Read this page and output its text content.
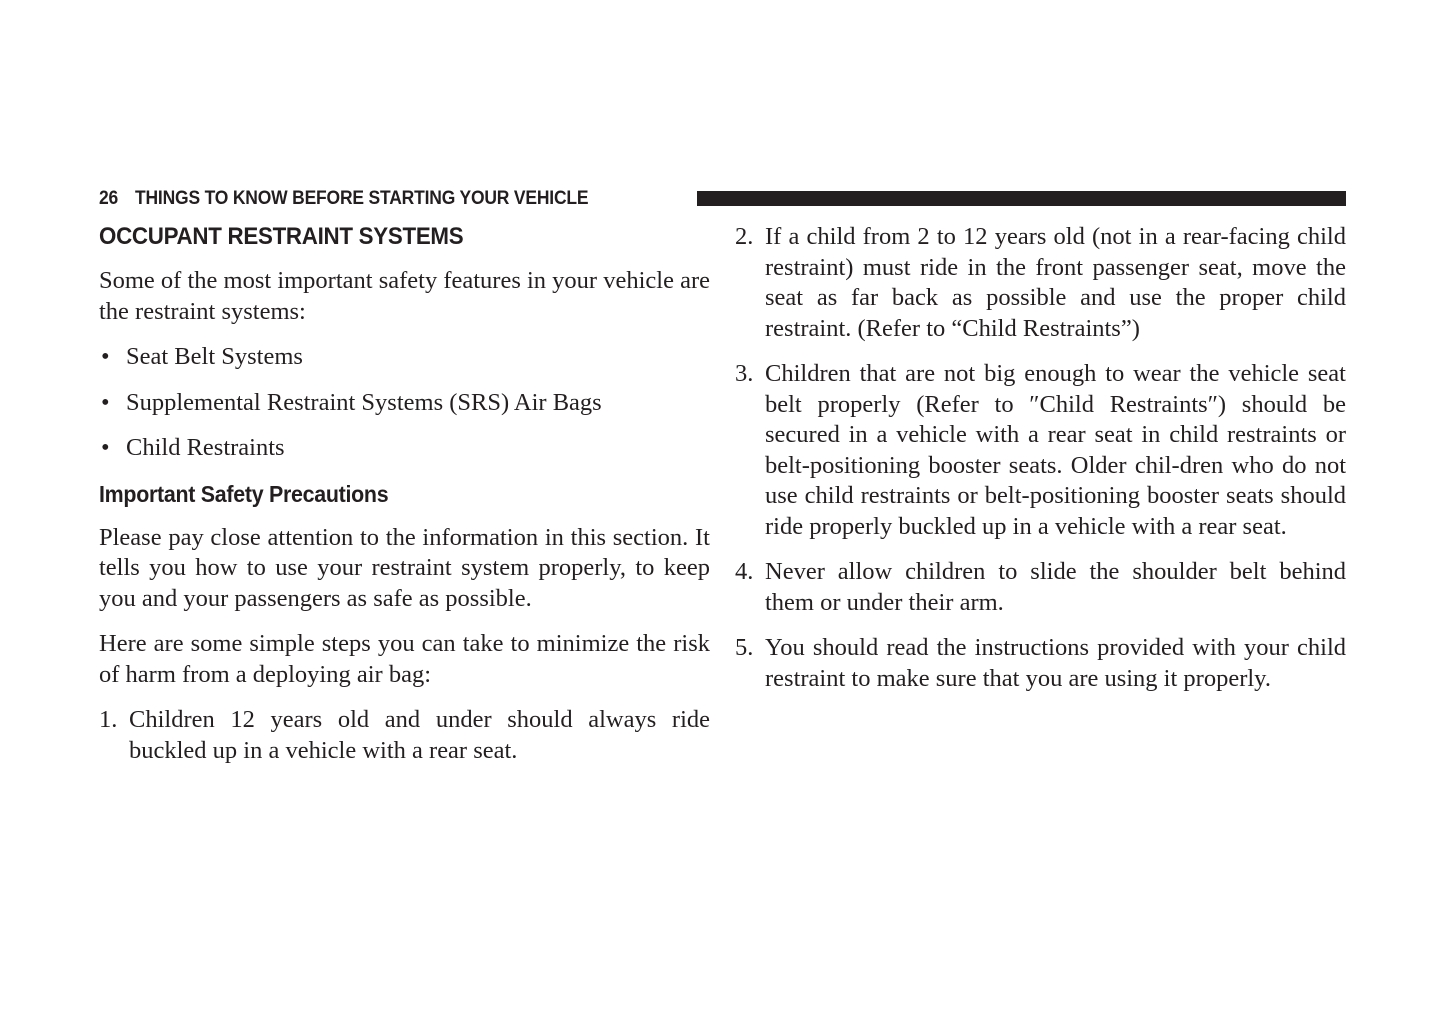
26 THINGS TO KNOW BEFORE STARTING YOUR VEHICLE
OCCUPANT RESTRAINT SYSTEMS

Some of the most important safety features in your vehicle are the restraint systems:

• Seat Belt Systems
• Supplemental Restraint Systems (SRS) Air Bags
• Child Restraints
Important Safety Precautions

Please pay close attention to the information in this section. It tells you how to use your restraint system properly, to keep you and your passengers as safe as possible.

Here are some simple steps you can take to minimize the risk of harm from a deploying air bag:

1. Children 12 years old and under should always ride buckled up in a vehicle with a rear seat.
2. If a child from 2 to 12 years old (not in a rear-facing child restraint) must ride in the front passenger seat, move the seat as far back as possible and use the proper child restraint. (Refer to “Child Restraints”)
3. Children that are not big enough to wear the vehicle seat belt properly (Refer to ″Child Restraints″) should be secured in a vehicle with a rear seat in child restraints or belt-positioning booster seats. Older chil-dren who do not use child restraints or belt-positioning booster seats should ride properly buckled up in a vehicle with a rear seat.
4. Never allow children to slide the shoulder belt behind them or under their arm.
5. You should read the instructions provided with your child restraint to make sure that you are using it properly.
